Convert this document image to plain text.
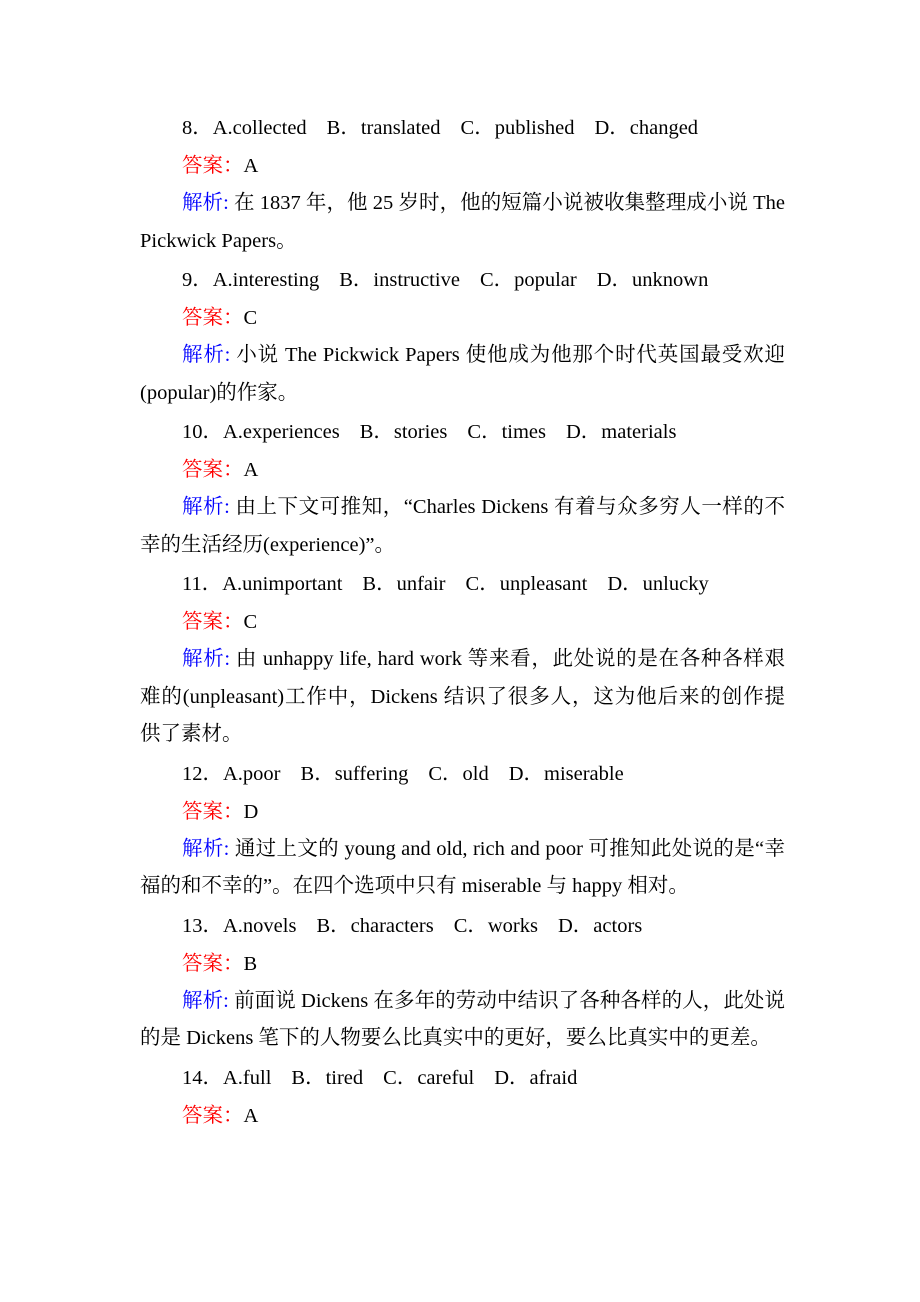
8．A.collected B．translated C．published D．changed
答案：A
解析: 在 1837 年，他 25 岁时，他的短篇小说被收集整理成小说 The Pickwick Papers。
9．A.interesting B．instructive C．popular D．unknown
答案：C
解析: 小说 The Pickwick Papers 使他成为他那个时代英国最受欢迎(popular)的作家。
10．A.experiences B．stories C．times D．materials
答案：A
解析: 由上下文可推知，“Charles Dickens 有着与众多穷人一样的不幸的生活经历(experience)”。
11．A.unimportant B．unfair C．unpleasant D．unlucky
答案：C
解析: 由 unhappy life, hard work 等来看，此处说的是在各种各样艰难的(unpleasant)工作中，Dickens 结识了很多人，这为他后来的创作提供了素材。
12．A.poor B．suffering C．old D．miserable
答案：D
解析: 通过上文的 young and old, rich and poor 可推知此处说的是“幸福的和不幸的”。在四个选项中只有 miserable 与 happy 相对。
13．A.novels B．characters C．works D．actors
答案：B
解析: 前面说 Dickens 在多年的劳动中结识了各种各样的人，此处说的是 Dickens 笔下的人物要么比真实中的更好，要么比真实中的更差。
14．A.full B．tired C．careful D．afraid
答案：A
